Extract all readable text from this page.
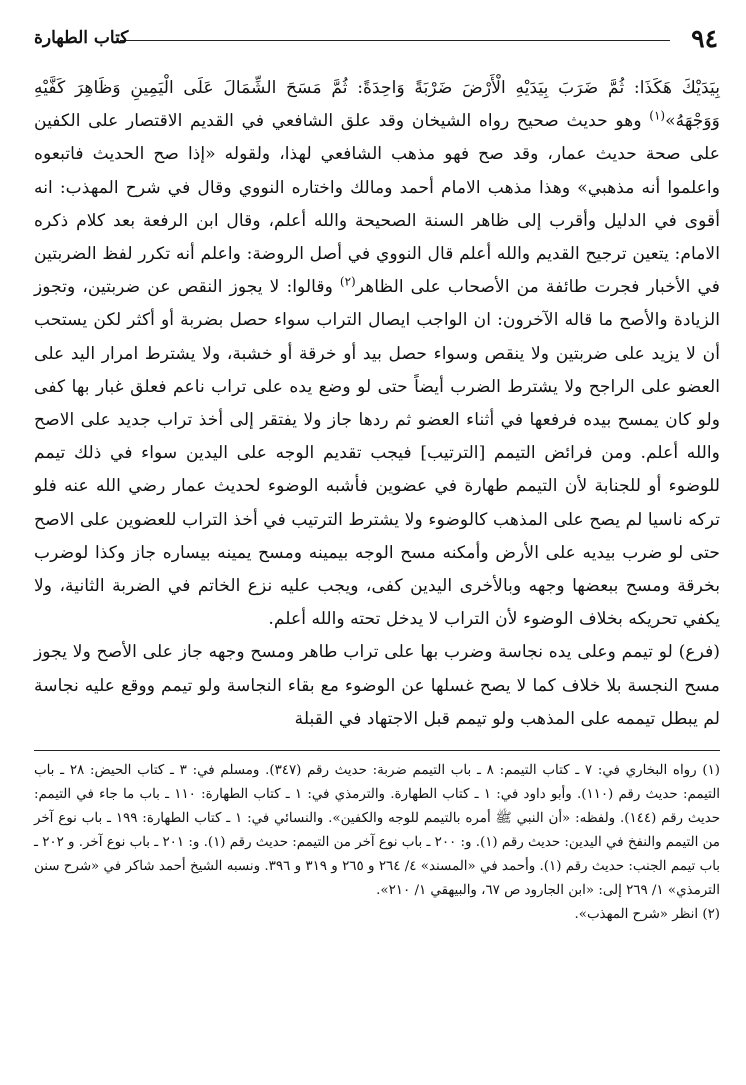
٩٤
كتاب الطهارة

بِيَدَيْكَ هَكَذَا: ثُمَّ ضَرَبَ بِيَدَيْهِ الْأَرْضَ ضَرْبَةً وَاحِدَةً: ثُمَّ مَسَحَ الشِّمَالَ عَلَى الْيَمِينِ وَظَاهِرَ كَفَّيْهِ وَوَجْهَهُ»$^{(١)}$ وهو حديث صحيح رواه الشيخان وقد علق الشافعي في القديم الاقتصار على الكفين على صحة حديث عمار، وقد صح فهو مذهب الشافعي لهذا، ولقوله «إذا صح الحديث فاتبعوه واعلموا أنه مذهبي» وهذا مذهب الامام أحمد ومالك واختاره النووي وقال في شرح المهذب: انه أقوى في الدليل وأقرب إلى ظاهر السنة الصحيحة والله أعلم، وقال ابن الرفعة بعد كلام ذكره الامام: يتعين ترجيح القديم والله أعلم قال النووي في أصل الروضة: واعلم أنه تكرر لفظ الضربتين في الأخبار فجرت طائفة من الأصحاب على الظاهر$^{(٢)}$ وقالوا: لا يجوز النقص عن ضربتين، وتجوز الزيادة والأصح ما قاله الآخرون: ان الواجب ايصال التراب سواء حصل بضربة أو أكثر لكن يستحب أن لا يزيد على ضربتين ولا ينقص وسواء حصل بيد أو خرقة أو خشبة، ولا يشترط امرار اليد على العضو على الراجح ولا يشترط الضرب أيضاً حتى لو وضع يده على تراب ناعم فعلق غبار بها كفى ولو كان يمسح بيده فرفعها في أثناء العضو ثم ردها جاز ولا يفتقر إلى أخذ تراب جديد على الاصح والله أعلم. ومن فرائض التيمم [الترتيب] فيجب تقديم الوجه على اليدين سواء في ذلك تيمم للوضوء أو للجنابة لأن التيمم طهارة في عضوين فأشبه الوضوء لحديث عمار رضي الله عنه فلو تركه ناسيا لم يصح على المذهب كالوضوء ولا يشترط الترتيب في أخذ التراب للعضوين على الاصح حتى لو ضرب بيديه على الأرض وأمكنه مسح الوجه بيمينه ومسح يمينه بيساره جاز وكذا لوضرب بخرقة ومسح ببعضها وجهه وبالأخرى اليدين كفى، ويجب عليه نزع الخاتم في الضربة الثانية، ولا يكفي تحريكه بخلاف الوضوء لأن التراب لا يدخل تحته والله أعلم.

(فرع) لو تيمم وعلى يده نجاسة وضرب بها على تراب طاهر ومسح وجهه جاز على الأصح ولا يجوز مسح النجسة بلا خلاف كما لا يصح غسلها عن الوضوء مع بقاء النجاسة ولو تيمم ووقع عليه نجاسة لم يبطل تيممه على المذهب ولو تيمم قبل الاجتهاد في القبلة

(١) رواه البخاري في: ٧ ـ كتاب التيمم: ٨ ـ باب التيمم ضربة: حديث رقم (٣٤٧). ومسلم في: ٣ ـ كتاب الحيض: ٢٨ ـ باب التيمم: حديث رقم (١١٠). وأبو داود في: ١ ـ كتاب الطهارة. والترمذي في: ١ ـ كتاب الطهارة: ١١٠ ـ باب ما جاء في التيمم: حديث رقم (١٤٤). ولفظه: «أن النبي ﷺ أمره بالتيمم للوجه والكفين». والنسائي في: ١ ـ كتاب الطهارة: ١٩٩ ـ باب نوع آخر من التيمم والنفخ في اليدين: حديث رقم (١). و: ٢٠٠ ـ باب نوع آخر من التيمم: حديث رقم (١). و: ٢٠١ ـ باب نوع آخر. و ٢٠٢ ـ باب تيمم الجنب: حديث رقم (١). وأحمد في «المسند» ٤/ ٢٦٤ و ٢٦٥ و ٣١٩ و ٣٩٦. ونسبه الشيخ أحمد شاكر في «شرح سنن الترمذي» ١/ ٢٦٩ إلى: «ابن الجارود ص ٦٧، والبيهقي ١/ ٢١٠».

(٢) انظر «شرح المهذب».
